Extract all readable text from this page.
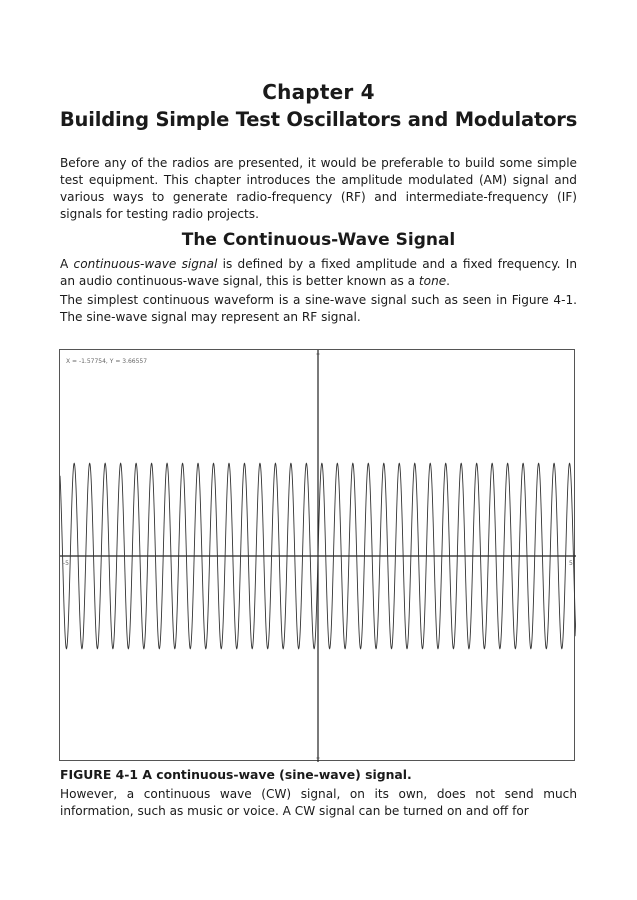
Chapter 4
Building Simple Test Oscillators and Modulators
Before any of the radios are presented, it would be preferable to build some simple test equipment. This chapter introduces the amplitude modulated (AM) signal and various ways to generate radio-frequency (RF) and intermediate-frequency (IF) signals for testing radio projects.
The Continuous-Wave Signal
A continuous-wave signal is defined by a fixed amplitude and a fixed frequency. In an audio continuous-wave signal, this is better known as a tone.
The simplest continuous waveform is a sine-wave signal such as seen in Figure 4-1. The sine-wave signal may represent an RF signal.
-5	5
X = -1.57754, Y = 3.66557
FIGURE 4-1 A continuous-wave (sine-wave) signal.
However, a continuous wave (CW) signal, on its own, does not send much information, such as music or voice. A CW signal can be turned on and off for
